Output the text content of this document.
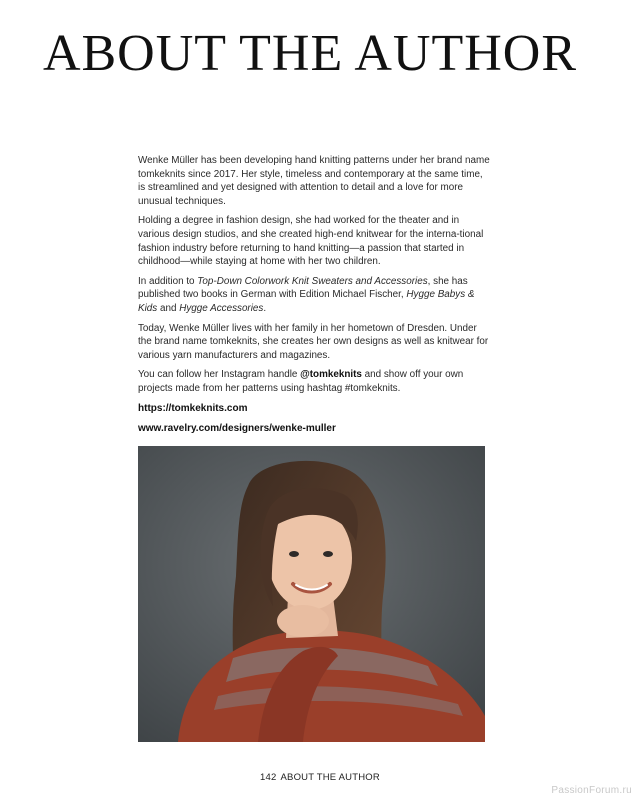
ABOUT THE AUTHOR

Wenke Müller has been developing hand knitting patterns under her brand name tomkeknits since 2017. Her style, timeless and contemporary at the same time, is streamlined and yet designed with attention to detail and a love for more unusual techniques.

Holding a degree in fashion design, she had worked for the theater and in various design studios, and she created high-end knitwear for the interna-tional fashion industry before returning to hand knitting—a passion that started in childhood—while staying at home with her two children.

In addition to Top-Down Colorwork Knit Sweaters and Accessories, she has published two books in German with Edition Michael Fischer, Hygge Babys & Kids and Hygge Accessories.

Today, Wenke Müller lives with her family in her hometown of Dresden. Under the brand name tomkeknits, she creates her own designs as well as knitwear for various yarn manufacturers and magazines.

You can follow her Instagram handle @tomkeknits and show off your own projects made from her patterns using hashtag #tomkeknits.

https://tomkeknits.com

www.ravelry.com/designers/wenke-muller

142 ABOUT THE AUTHOR
PassionForum.ru
